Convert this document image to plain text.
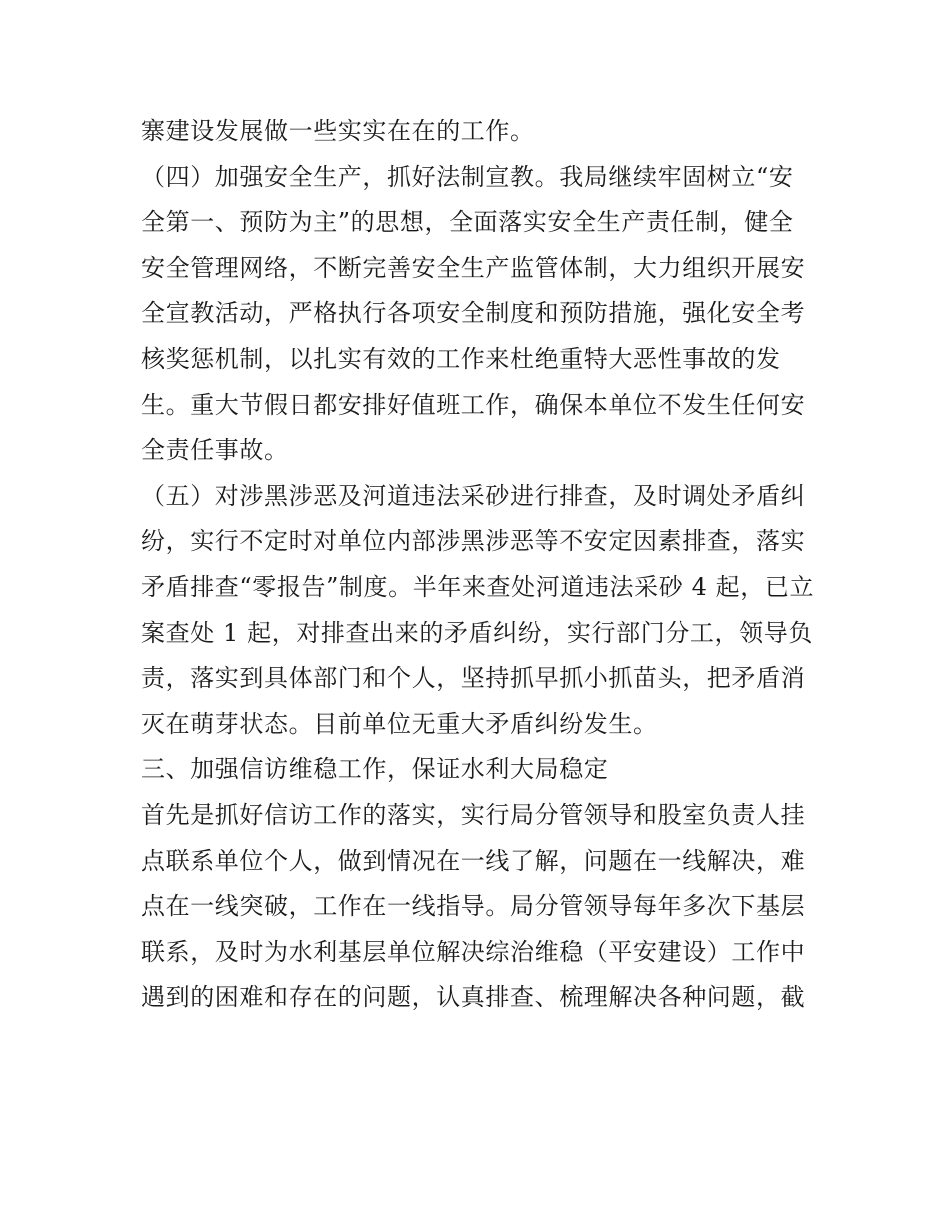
寨建设发展做一些实实在在的工作。
（四）加强安全生产，抓好法制宣教。我局继续牢固树立“安
全第一、预防为主”的思想，全面落实安全生产责任制，健全
安全管理网络，不断完善安全生产监管体制，大力组织开展安
全宣教活动，严格执行各项安全制度和预防措施，强化安全考
核奖惩机制，以扎实有效的工作来杜绝重特大恶性事故的发
生。重大节假日都安排好值班工作，确保本单位不发生任何安
全责任事故。
（五）对涉黑涉恶及河道违法采砂进行排查，及时调处矛盾纠
纷，实行不定时对单位内部涉黑涉恶等不安定因素排查，落实
矛盾排查“零报告”制度。半年来查处河道违法采砂 4 起，已立
案查处 1 起，对排查出来的矛盾纠纷，实行部门分工，领导负
责，落实到具体部门和个人，坚持抓早抓小抓苗头，把矛盾消
灭在萌芽状态。目前单位无重大矛盾纠纷发生。
三、加强信访维稳工作，保证水利大局稳定
首先是抓好信访工作的落实，实行局分管领导和股室负责人挂
点联系单位个人，做到情况在一线了解，问题在一线解决，难
点在一线突破，工作在一线指导。局分管领导每年多次下基层
联系，及时为水利基层单位解决综治维稳（平安建设）工作中
遇到的困难和存在的问题，认真排查、梳理解决各种问题，截
